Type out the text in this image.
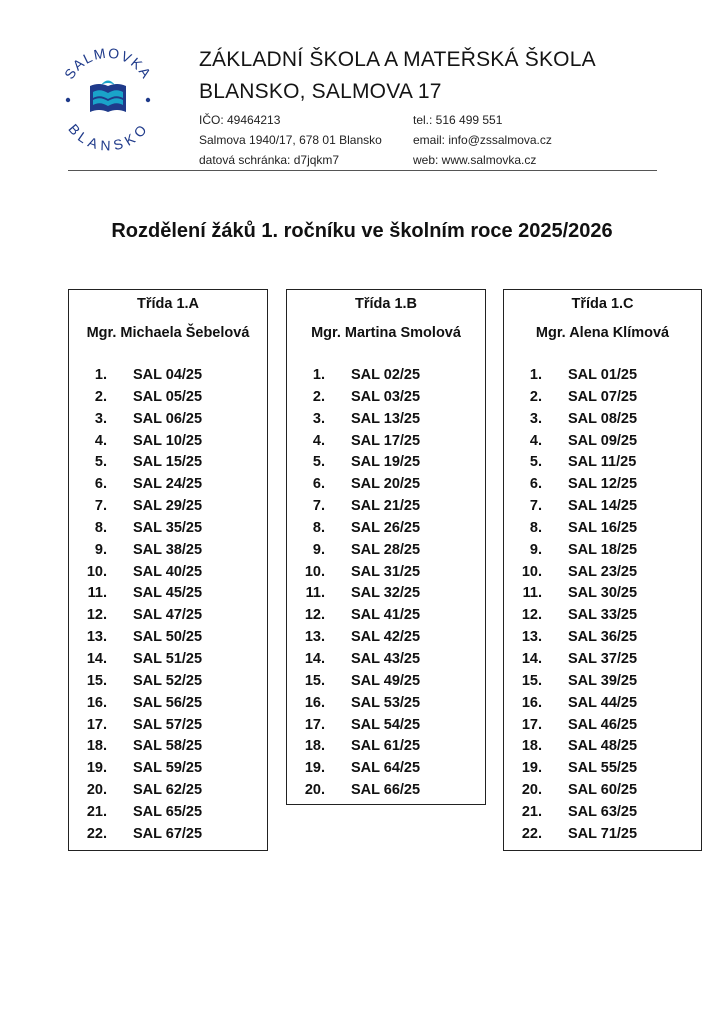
SALMOVKA
BLANSKO
ZÁKLADNÍ ŠKOLA A MATEŘSKÁ ŠKOLA
BLANSKO, SALMOVA 17
IČO: 49464213
Salmova 1940/17, 678 01 Blansko
datová schránka: d7jqkm7
tel.: 516 499 551
email: info@zssalmova.cz
web: www.salmovka.cz
Rozdělení žáků 1. ročníku ve školním roce 2025/2026
Třída 1.A
Mgr. Michaela Šebelová
1. SAL 04/25
2. SAL 05/25
3. SAL 06/25
4. SAL 10/25
5. SAL 15/25
6. SAL 24/25
7. SAL 29/25
8. SAL 35/25
9. SAL 38/25
10. SAL 40/25
11. SAL 45/25
12. SAL 47/25
13. SAL 50/25
14. SAL 51/25
15. SAL 52/25
16. SAL 56/25
17. SAL 57/25
18. SAL 58/25
19. SAL 59/25
20. SAL 62/25
21. SAL 65/25
22. SAL 67/25
Třída 1.B
Mgr. Martina Smolová
1. SAL 02/25
2. SAL 03/25
3. SAL 13/25
4. SAL 17/25
5. SAL 19/25
6. SAL 20/25
7. SAL 21/25
8. SAL 26/25
9. SAL 28/25
10. SAL 31/25
11. SAL 32/25
12. SAL 41/25
13. SAL 42/25
14. SAL 43/25
15. SAL 49/25
16. SAL 53/25
17. SAL 54/25
18. SAL 61/25
19. SAL 64/25
20. SAL 66/25
Třída 1.C
Mgr. Alena Klímová
1. SAL 01/25
2. SAL 07/25
3. SAL 08/25
4. SAL 09/25
5. SAL 11/25
6. SAL 12/25
7. SAL 14/25
8. SAL 16/25
9. SAL 18/25
10. SAL 23/25
11. SAL 30/25
12. SAL 33/25
13. SAL 36/25
14. SAL 37/25
15. SAL 39/25
16. SAL 44/25
17. SAL 46/25
18. SAL 48/25
19. SAL 55/25
20. SAL 60/25
21. SAL 63/25
22. SAL 71/25
